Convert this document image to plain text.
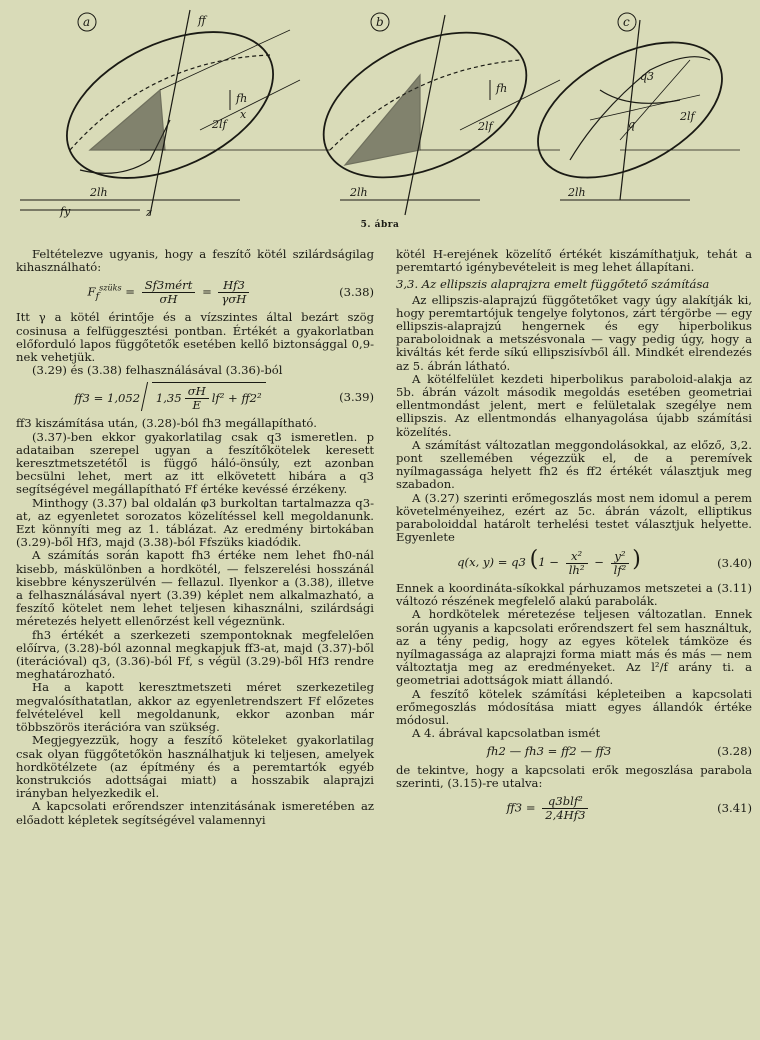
a	b	c
ff
fh
2lf
x
2lh
fy	z
fh
2lf
2lh
q3
q
2lf
2lh
5. ábra

Feltételezve ugyanis, hogy a feszítő kötél szilárdságilag kihasználható:

$F_f^{szüks} = \frac{\text{Sf3mért}}{\sigma H} = \frac{Hf3}{\text{γσH}}$	(3.38)

Itt γ a kötél érintője és a vízszintes által bezárt szög cosinusa a felfüggesztési pontban. Értékét a gyakorlatban előforduló lapos függőtetők esetében kellő biztonsággal 0,9-nek vehetjük.

(3.29) és (3.38) felhasználásával (3.36)-ból

ff3 = 1,052 $1,35 \frac{\sigma H}{E} lf^2 + ff2^2$	(3.39)

ff3 kiszámítása után, (3.28)-ból fh3 megállapítható.

(3.37)-ben ekkor gyakorlatilag csak q3 ismeretlen. p adataiban szerepel ugyan a feszítőkötelek keresett keresztmetszetétől is függő háló-önsúly, ezt azonban becsülni lehet, mert az itt elkövetett hibára a q3 segítségével megállapítható Ff értéke kevéssé érzékeny.

Minthogy (3.37) bal oldalán φ3 burkoltan tartalmazza q3-at, az egyenletet sorozatos közelítéssel kell megoldanunk. Ezt könnyíti meg az 1. táblázat. Az eredmény birtokában (3.29)-ből Hf3, majd (3.38)-ból Ffszüks kiadódik.

A számítás során kapott fh3 értéke nem lehet fh0-nál kisebb, máskülönben a hordkötél, — felszerelési hosszánál kisebbre kényszerülvén — fellazul. Ilyenkor a (3.38), illetve a felhasználásával nyert (3.39) képlet nem alkalmazható, a feszítő kötelet nem lehet teljesen kihasználni, szilárdsági méretezés helyett ellenőrzést kell végeznünk.

fh3 értékét a szerkezeti szempontoknak megfelelően előírva, (3.28)-ból azonnal megkapjuk ff3-at, majd (3.37)-ből (iterációval) q3, (3.36)-ból Ff, s végül (3.29)-ből Hf3 rendre meghatározható.

Ha a kapott keresztmetszeti méret szerkezetileg megvalósíthatatlan, akkor az egyenletrendszert Ff előzetes felvételével kell megoldanunk, ekkor azonban már többszörös iterációra van szükség.

Megjegyezzük, hogy a feszítő köteleket gyakorlatilag csak olyan függőtetőkön használhatjuk ki teljesen, amelyek hordkötélzete (az építmény és a peremtartók egyéb konstrukciós adottságai miatt) a hosszabik alaprajzi irányban helyezkedik el.

A kapcsolati erőrendszer intenzitásának ismeretében az előadott képletek segítségével valamennyi

kötél H-erejének közelítő értékét kiszámíthatjuk, tehát a peremtartó igénybevételeit is meg lehet állapítani.

3,3. Az ellipszis alaprajzra emelt függőtető számítása

Az ellipszis-alaprajzú függőtetőket vagy úgy alakítják ki, hogy peremtartójuk tengelye folytonos, zárt térgörbe — egy ellipszis-alaprajzú hengernek és egy hiperbolikus paraboloidnak a metszésvonala — vagy pedig úgy, hogy a kiváltás két ferde síkú ellipszisívből áll. Mindkét elrendezés az 5. ábrán látható.

A kötélfelület kezdeti hiperbolikus paraboloid-alakja az 5b. ábrán vázolt második megoldás esetében geometriai ellentmondást jelent, mert e felületalak szegélye nem ellipszis. Az ellentmondás elhanyagolása újabb számítási közelítés.

A számítást változatlan meggondolásokkal, az előző, 3,2. pont szellemében végezzük el, de a peremívek nyílmagassága helyett fh2 és ff2 értékét választjuk meg szabadon.

A (3.27) szerinti erőmegoszlás most nem idomul a perem követelményeihez, ezért az 5c. ábrán vázolt, elliptikus paraboloiddal határolt terhelési testet választjuk helyette. Egyenlete

q(x, y) = q3 ($1 - \frac{\text{x²}}{\text{lh²}} - \frac{\text{y²}}{\text{lf²}}$ )	(3.40)

Ennek a koordináta-síkokkal párhuzamos metszetei a (3.11) változó részének megfelelő alakú parabolák.

A hordkötelek méretezése teljesen változatlan. Ennek során ugyanis a kapcsolati erőrendszert fel sem használtuk, az a tény pedig, hogy az egyes kötelek támköze és nyílmagassága az alaprajzi forma miatt más és más — nem változtatja meg az eredményeket. Az l²/f arány ti. a geometriai adottságok miatt állandó.

A feszítő kötelek számítási képleteiben a kapcsolati erőmegoszlás módosítása miatt egyes állandók értéke módosul.

A 4. ábrával kapcsolatban ismét

fh2 — fh3 = ff2 — ff3	(3.28)

de tekintve, hogy a kapcsolati erők megoszlása parabola szerinti, (3.15)-re utalva:

$ff3 = \frac{\text{q3blf²}}{2,4Hf3}$	(3.41)
